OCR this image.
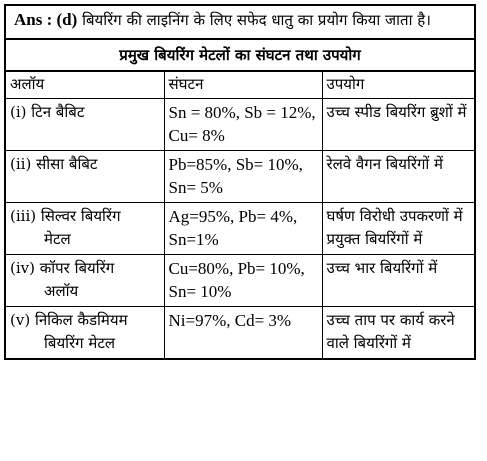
Ans : (d) बियरिंग की लाइनिंग के लिए सफेद धातु का प्रयोग किया जाता है।
प्रमुख बियरिंग मेटलों का संघटन तथा उपयोग
अलॉय	संघटन	उपयोग

(i) टिन बैबिट	Sn = 80%, Sb = 12%, Cu= 8%	उच्च स्पीड बियरिंग ब्रुशों में

(ii) सीसा बैबिट	Pb=85%, Sb= 10%, Sn= 5%	रेलवे वैगन बियरिंगों में

(iii) सिल्वर बियरिंग
मेटल	Ag=95%, Pb= 4%, Sn=1%	घर्षण विरोधी उपकरणों में प्रयुक्त बियरिंगों में

(iv) कॉपर बियरिंग
अलॉय	Cu=80%, Pb= 10%, Sn= 10%	उच्च भार बियरिंगों में

(v) निकिल कैडमियम
बियरिंग मेटल	Ni=97%, Cd= 3%	उच्च ताप पर कार्य करने वाले बियरिंगों में
